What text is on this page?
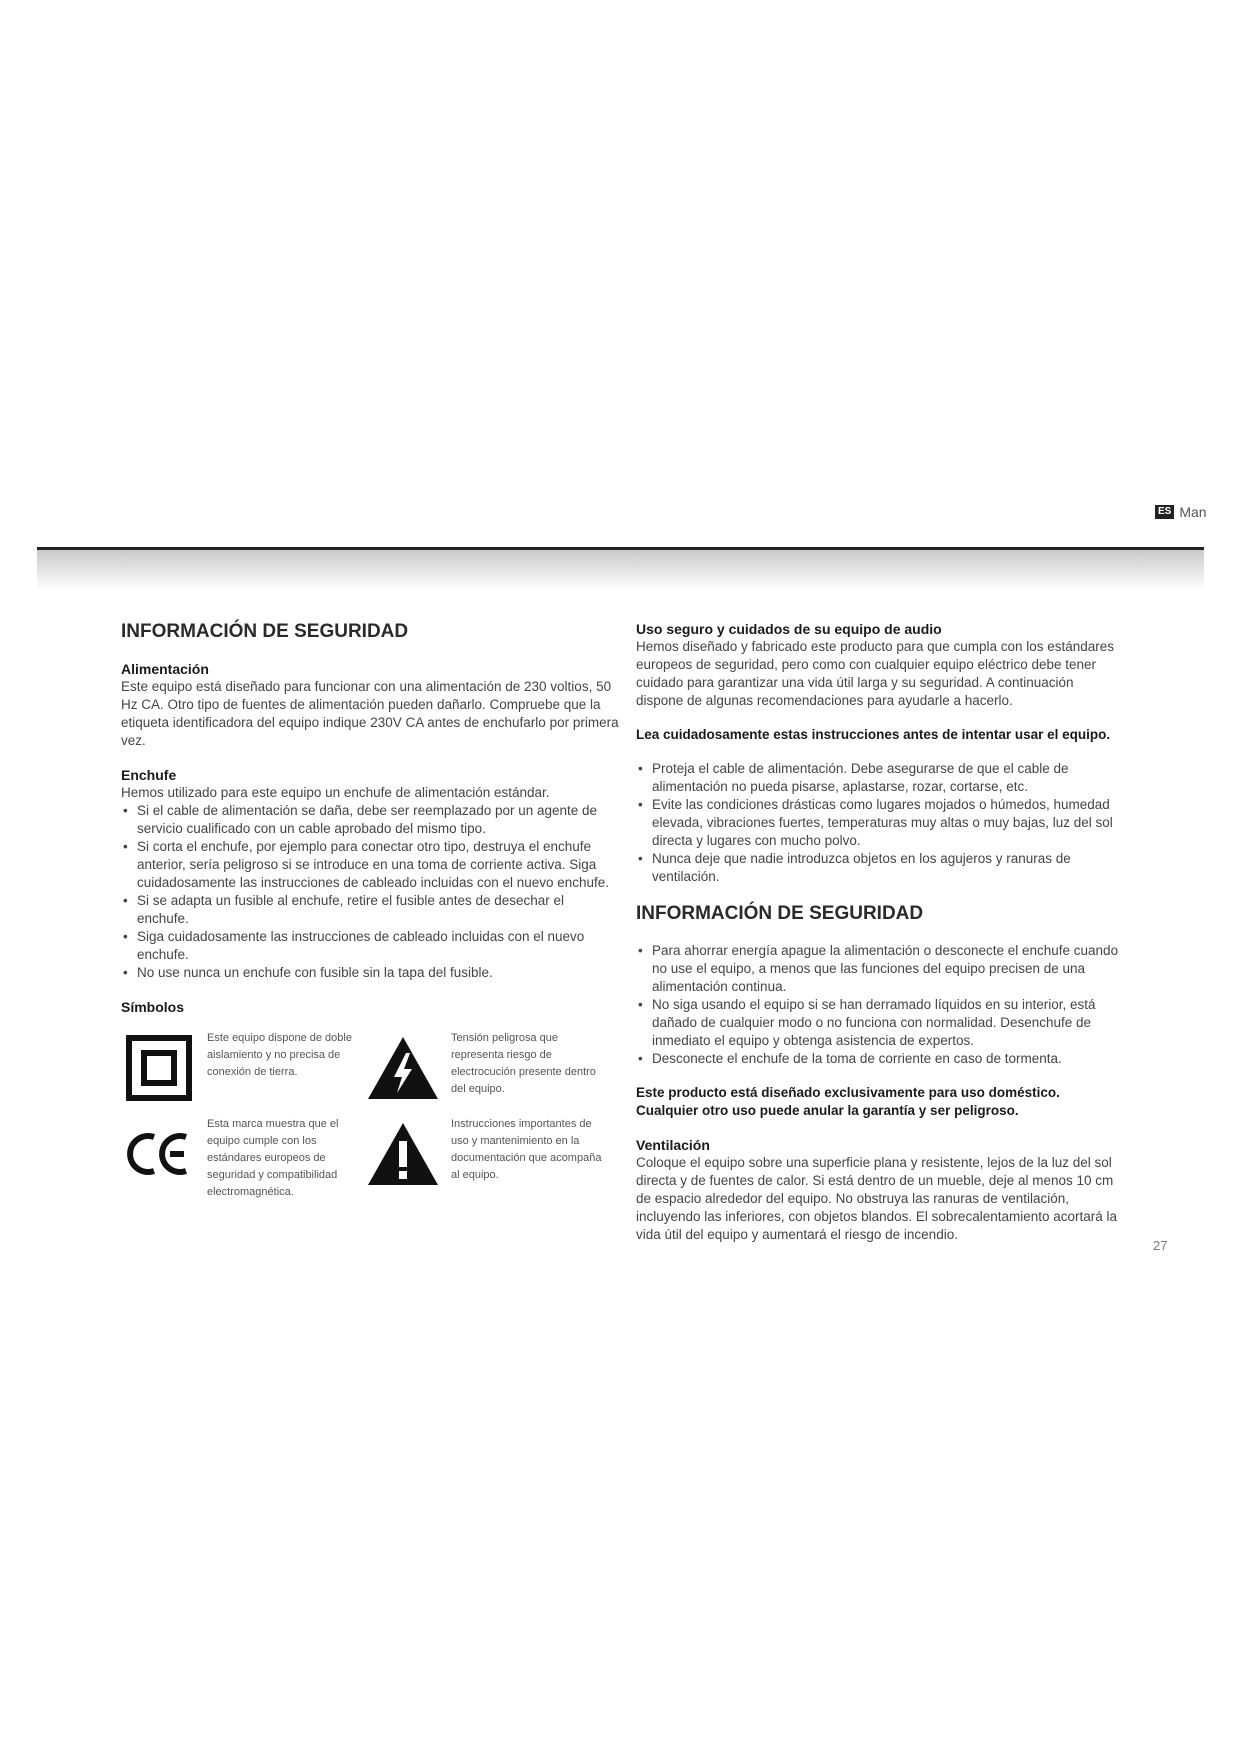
ES Man
INFORMACIÓN DE SEGURIDAD
Alimentación

Este equipo está diseñado para funcionar con una alimentación de 230 voltios, 50 Hz CA. Otro tipo de fuentes de alimentación pueden dañarlo. Compruebe que la etiqueta identificadora del equipo indique 230V CA antes de enchufarlo por primera vez.

Enchufe

Hemos utilizado para este equipo un enchufe de alimentación estándar.

• Si el cable de alimentación se daña, debe ser reemplazado por un agente de servicio cualificado con un cable aprobado del mismo tipo.
• Si corta el enchufe, por ejemplo para conectar otro tipo, destruya el enchufe anterior, sería peligroso si se introduce en una toma de corriente activa. Siga cuidadosamente las instrucciones de cableado incluidas con el nuevo enchufe.
• Si se adapta un fusible al enchufe, retire el fusible antes de desechar el enchufe.
• Siga cuidadosamente las instrucciones de cableado incluidas con el nuevo enchufe.
• No use nunca un enchufe con fusible sin la tapa del fusible.
Símbolos
Este equipo dispone de doble aislamiento y no precisa de conexión de tierra.
Tensión peligrosa que representa riesgo de electrocución presente dentro del equipo.
Esta marca muestra que el equipo cumple con los estándares europeos de seguridad y compatibilidad electromagnética.
Instrucciones importantes de uso y mantenimiento en la documentación que acompaña al equipo.
Uso seguro y cuidados de su equipo de audio

Hemos diseñado y fabricado este producto para que cumpla con los estándares europeos de seguridad, pero como con cualquier equipo eléctrico debe tener cuidado para garantizar una vida útil larga y su seguridad. A continuación dispone de algunas recomendaciones para ayudarle a hacerlo.

Lea cuidadosamente estas instrucciones antes de intentar usar el equipo.

• Proteja el cable de alimentación. Debe asegurarse de que el cable de alimentación no pueda pisarse, aplastarse, rozar, cortarse, etc.
• Evite las condiciones drásticas como lugares mojados o húmedos, humedad elevada, vibraciones fuertes, temperaturas muy altas o muy bajas, luz del sol directa y lugares con mucho polvo.
• Nunca deje que nadie introduzca objetos en los agujeros y ranuras de ventilación.
INFORMACIÓN DE SEGURIDAD
• Para ahorrar energía apague la alimentación o desconecte el enchufe cuando no use el equipo, a menos que las funciones del equipo precisen de una alimentación continua.
• No siga usando el equipo si se han derramado líquidos en su interior, está dañado de cualquier modo o no funciona con normalidad. Desenchufe de inmediato el equipo y obtenga asistencia de expertos.
• Desconecte el enchufe de la toma de corriente en caso de tormenta.

Este producto está diseñado exclusivamente para uso doméstico. Cualquier otro uso puede anular la garantía y ser peligroso.

Ventilación

Coloque el equipo sobre una superficie plana y resistente, lejos de la luz del sol directa y de fuentes de calor. Si está dentro de un mueble, deje al menos 10 cm de espacio alrededor del equipo. No obstruya las ranuras de ventilación, incluyendo las inferiores, con objetos blandos. El sobrecalentamiento acortará la vida útil del equipo y aumentará el riesgo de incendio.

27
